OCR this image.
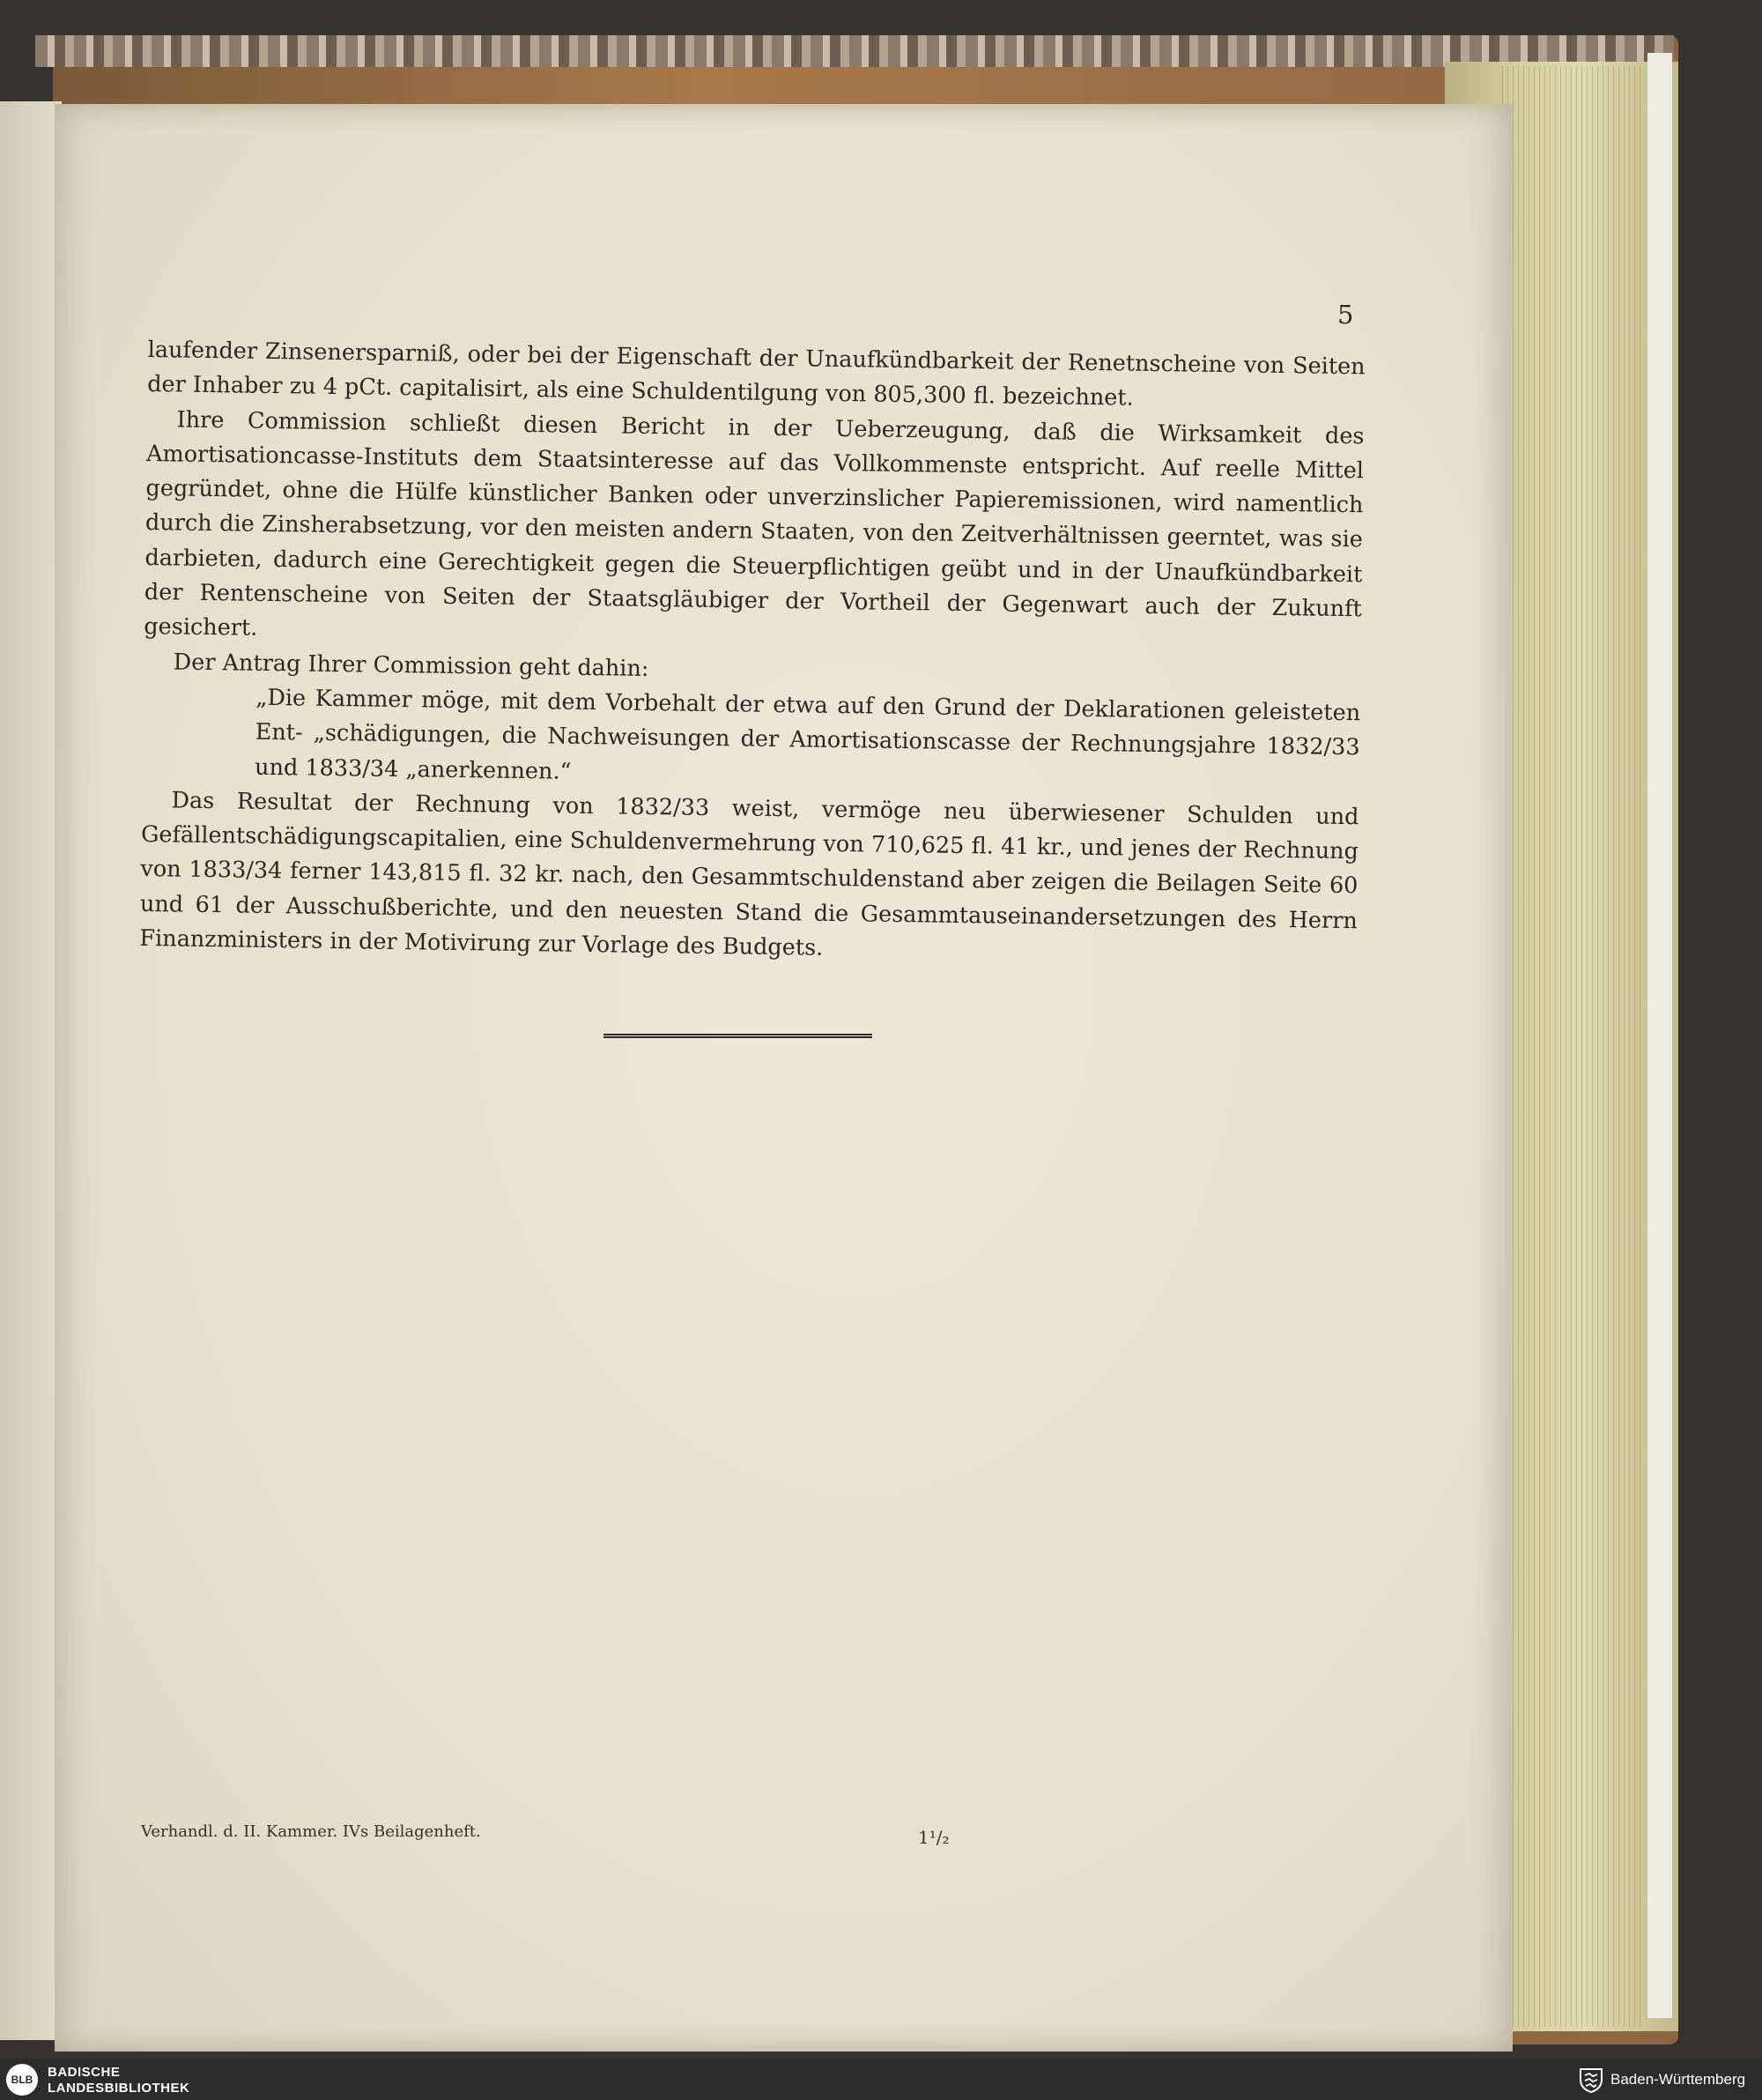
5

laufender Zinsenersparniß, oder bei der Eigenschaft der Unaufkündbarkeit der Renetnscheine von Seiten der Inhaber zu 4 pCt. capitalisirt, als eine Schuldentilgung von 805,300 fl. bezeichnet.

Ihre Commission schließt diesen Bericht in der Ueberzeugung, daß die Wirksamkeit des Amortisationcasse-Instituts dem Staatsinteresse auf das Vollkommenste entspricht. Auf reelle Mittel gegründet, ohne die Hülfe künstlicher Banken oder unverzinslicher Papieremissionen, wird namentlich durch die Zinsherabsetzung, vor den meisten andern Staaten, von den Zeitverhältnissen geerntet, was sie darbieten, dadurch eine Gerechtigkeit gegen die Steuerpflichtigen geübt und in der Unaufkündbarkeit der Rentenscheine von Seiten der Staatsgläubiger der Vortheil der Gegenwart auch der Zukunft gesichert.

Der Antrag Ihrer Commission geht dahin:

„Die Kammer möge, mit dem Vorbehalt der etwa auf den Grund der Deklarationen geleisteten Ent- „schädigungen, die Nachweisungen der Amortisationscasse der Rechnungsjahre 1832/33 und 1833/34 „anerkennen.“

Das Resultat der Rechnung von 1832/33 weist, vermöge neu überwiesener Schulden und Gefällentschädigungscapitalien, eine Schuldenvermehrung von 710,625 fl. 41 kr., und jenes der Rechnung von 1833/34 ferner 143,815 fl. 32 kr. nach, den Gesammtschuldenstand aber zeigen die Beilagen Seite 60 und 61 der Ausschußberichte, und den neuesten Stand die Gesammtauseinandersetzungen des Herrn Finanzministers in der Motivirung zur Vorlage des Budgets.

Verhandl. d. II. Kammer. IVs Beilagenheft.	1¹/₂
BLB	BADISCHE
LANDESBIBLIOTHEK
Baden-Württemberg
